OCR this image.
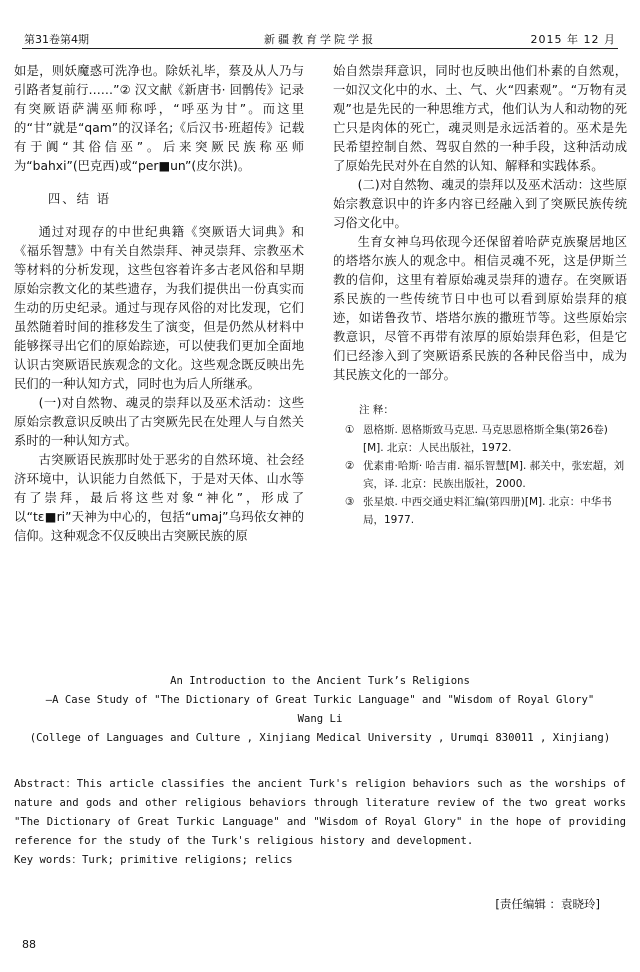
第31卷第4期	新疆教育学院学报	2015 年 12 月

如是，则妖魔惑可洗净也。除妖礼毕，蔡及从人乃与引路者复前行……”② 汉文献《新唐书· 回鹘传》记录有突厥语萨满巫师称呼，“呼巫为甘”。而这里的“甘”就是“qam”的汉译名;《后汉书·班超传》记载有于阗“其俗信巫”。后来突厥民族称巫师为“bahxi”(巴克西)或“per■un”(皮尔洪)。

四、结 语

通过对现存的中世纪典籍《突厥语大词典》和《福乐智慧》中有关自然崇拜、神灵崇拜、宗教巫术等材料的分析发现，这些包容着许多古老风俗和早期原始宗教文化的某些遗存，为我们提供出一份真实而生动的历史纪录。通过与现存风俗的对比发现，它们虽然随着时间的推移发生了演变，但是仍然从材料中能够探寻出它们的原始踪迹，可以使我们更加全面地认识古突厥语民族观念的文化。这些观念既反映出先民们的一种认知方式，同时也为后人所继承。

(一)对自然物、魂灵的崇拜以及巫术活动：这些原始宗教意识反映出了古突厥先民在处理人与自然关系时的一种认知方式。

古突厥语民族那时处于恶劣的自然环境、社会经济环境中，认识能力自然低下，于是对天体、山水等有了崇拜，最后将这些对象“神化”，形成了以“tɛ■ri”天神为中心的，包括“umaj”乌玛依女神的信仰。这种观念不仅反映出古突厥民族的原

始自然崇拜意识，同时也反映出他们朴素的自然观，一如汉文化中的水、土、气、火“四素观”。“万物有灵观”也是先民的一种思维方式，他们认为人和动物的死亡只是肉体的死亡，魂灵则是永远活着的。巫术是先民希望控制自然、驾驭自然的一种手段，这种活动成了原始先民对外在自然的认知、解释和实践体系。

(二)对自然物、魂灵的崇拜以及巫术活动：这些原始宗教意识中的许多内容已经融入到了突厥民族传统习俗文化中。

生育女神乌玛依现今还保留着哈萨克族聚居地区的塔塔尔族人的观念中。相信灵魂不死，这是伊斯兰教的信仰，这里有着原始魂灵崇拜的遗存。在突厥语系民族的一些传统节日中也可以看到原始崇拜的痕迹，如诺鲁孜节、塔塔尔族的撒班节等。这些原始宗教意识，尽管不再带有浓厚的原始崇拜色彩，但是它们已经渗入到了突厥语系民族的各种民俗当中，成为其民族文化的一部分。

注 释：
① 恩格斯. 恩格斯致马克思. 马克思恩格斯全集(第26卷)[M]. 北京：人民出版社，1972.
② 优素甫·哈斯· 哈吉甫. 福乐智慧[M]. 郝关中，张宏超，刘宾，译. 北京：民族出版社，2000.
③ 张星烺. 中西交通史料汇编(第四册)[M]. 北京：中华书局，1977.
An Introduction to the Ancient Turk’s Religions
—A Case Study of "The Dictionary of Great Turkic Language" and "Wisdom of Royal Glory"
Wang Li
(College of Languages and Culture , Xinjiang Medical University , Urumqi 830011 , Xinjiang)

Abstract：This article classifies the ancient Turk's religion behaviors such as the worships of nature and gods and other religious behaviors through literature review of the two great works "The Dictionary of Great Turkic Language" and "Wisdom of Royal Glory" in the hope of providing reference for the study of the Turk's religious history and development.

Key words：Turk; primitive religions; relics

[责任编辑 ：袁晓玲]
88
